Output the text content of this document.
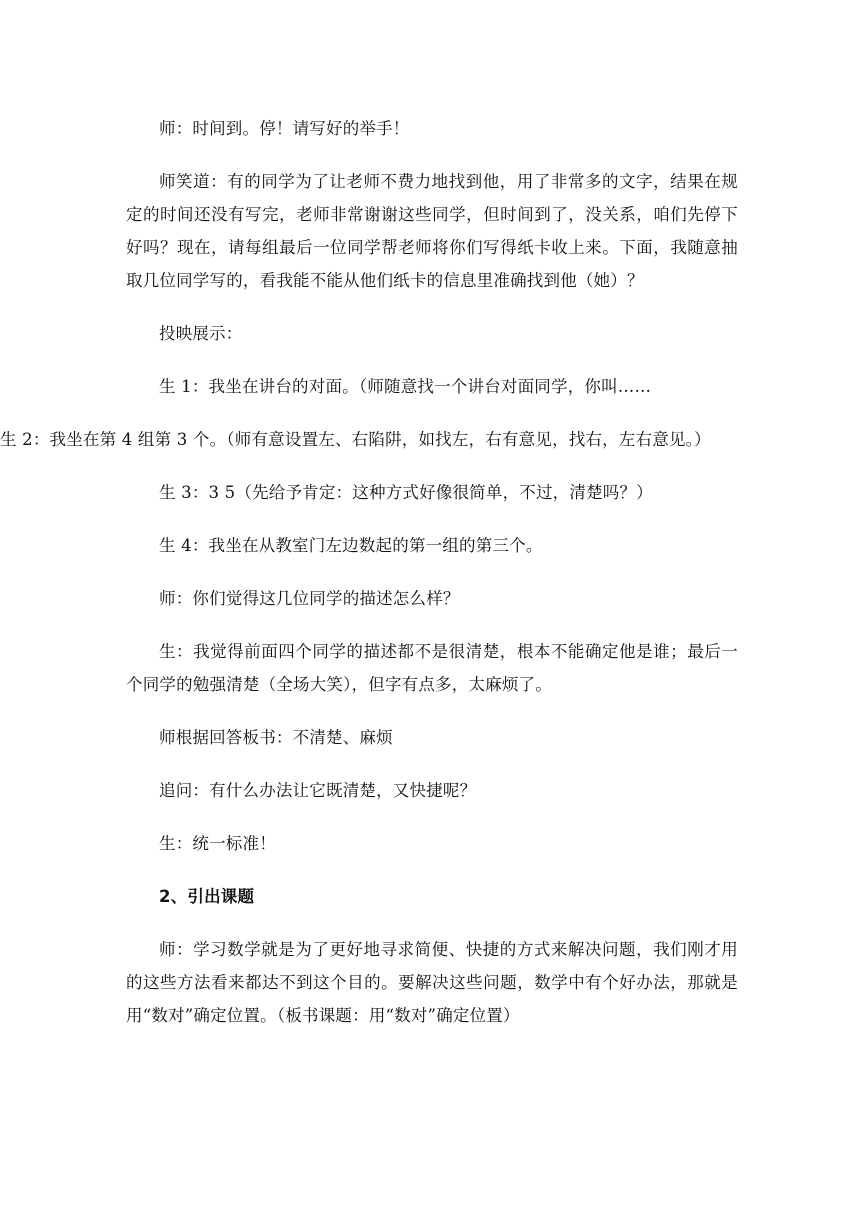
师：时间到。停！请写好的举手！

师笑道：有的同学为了让老师不费力地找到他，用了非常多的文字，结果在规定的时间还没有写完，老师非常谢谢这些同学，但时间到了，没关系，咱们先停下好吗？现在，请每组最后一位同学帮老师将你们写得纸卡收上来。下面，我随意抽取几位同学写的，看我能不能从他们纸卡的信息里准确找到他（她）？

投映展示：

生 1：我坐在讲台的对面。（师随意找一个讲台对面同学，你叫……

生 2：我坐在第 4 组第 3 个。（师有意设置左、右陷阱，如找左，右有意见，找右，左右意见。）

生 3：3 5（先给予肯定：这种方式好像很简单，不过，清楚吗？）

生 4：我坐在从教室门左边数起的第一组的第三个。

师：你们觉得这几位同学的描述怎么样？

生：我觉得前面四个同学的描述都不是很清楚，根本不能确定他是谁；最后一个同学的勉强清楚（全场大笑），但字有点多，太麻烦了。

师根据回答板书：不清楚、麻烦

追问：有什么办法让它既清楚，又快捷呢？

生：统一标准！

2、引出课题

师：学习数学就是为了更好地寻求简便、快捷的方式来解决问题，我们刚才用的这些方法看来都达不到这个目的。要解决这些问题，数学中有个好办法，那就是用“数对”确定位置。（板书课题：用“数对”确定位置）
